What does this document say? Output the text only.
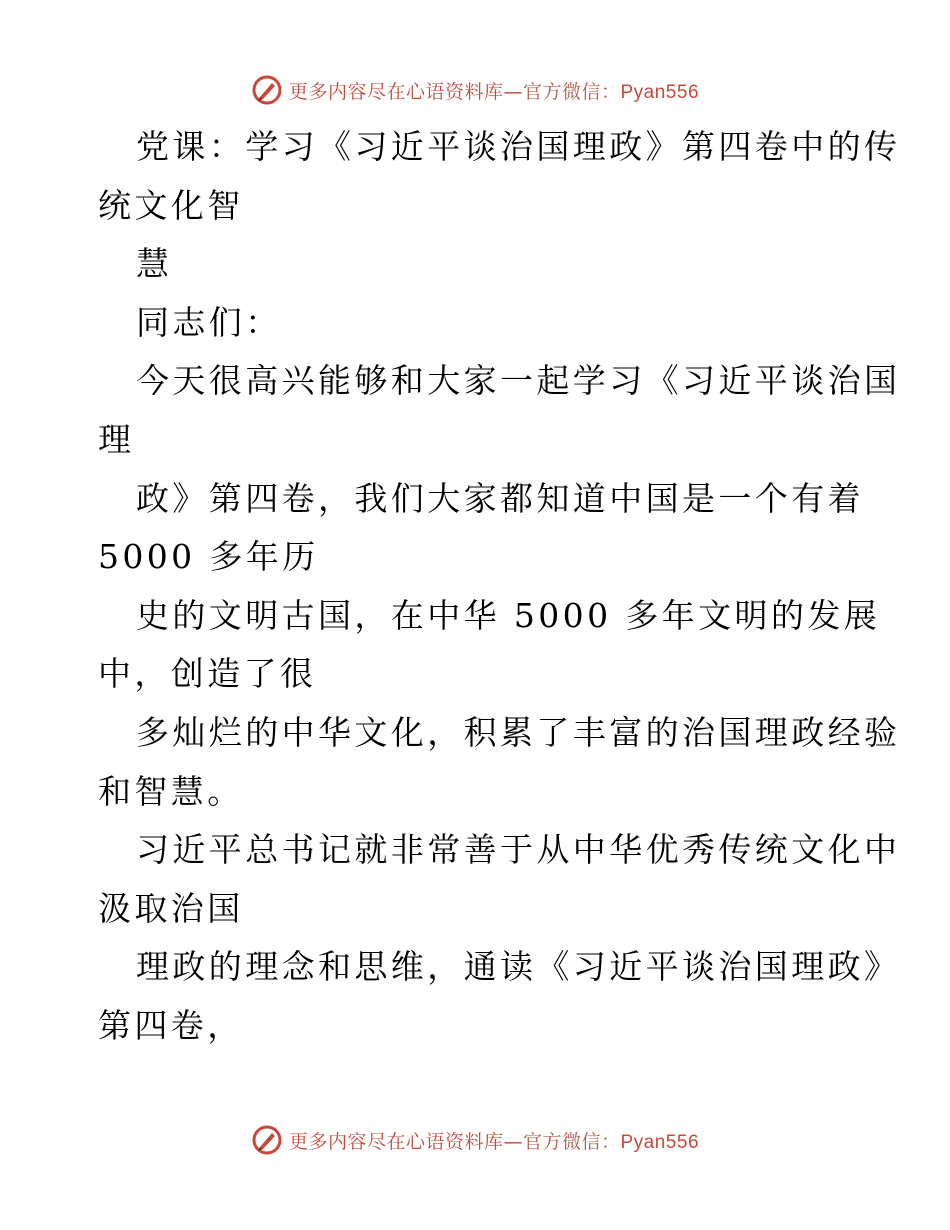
更多内容尽在心语资料库—官方微信：Pyan556
党课：学习《习近平谈治国理政》第四卷中的传
统文化智
慧
同志们：
今天很高兴能够和大家一起学习《习近平谈治国
理
政》第四卷，我们大家都知道中国是一个有着
5000 多年历
史的文明古国，在中华 5000 多年文明的发展
中，创造了很
多灿烂的中华文化，积累了丰富的治国理政经验
和智慧。
习近平总书记就非常善于从中华优秀传统文化中
汲取治国
理政的理念和思维，通读《习近平谈治国理政》
第四卷，
更多内容尽在心语资料库—官方微信：Pyan556
